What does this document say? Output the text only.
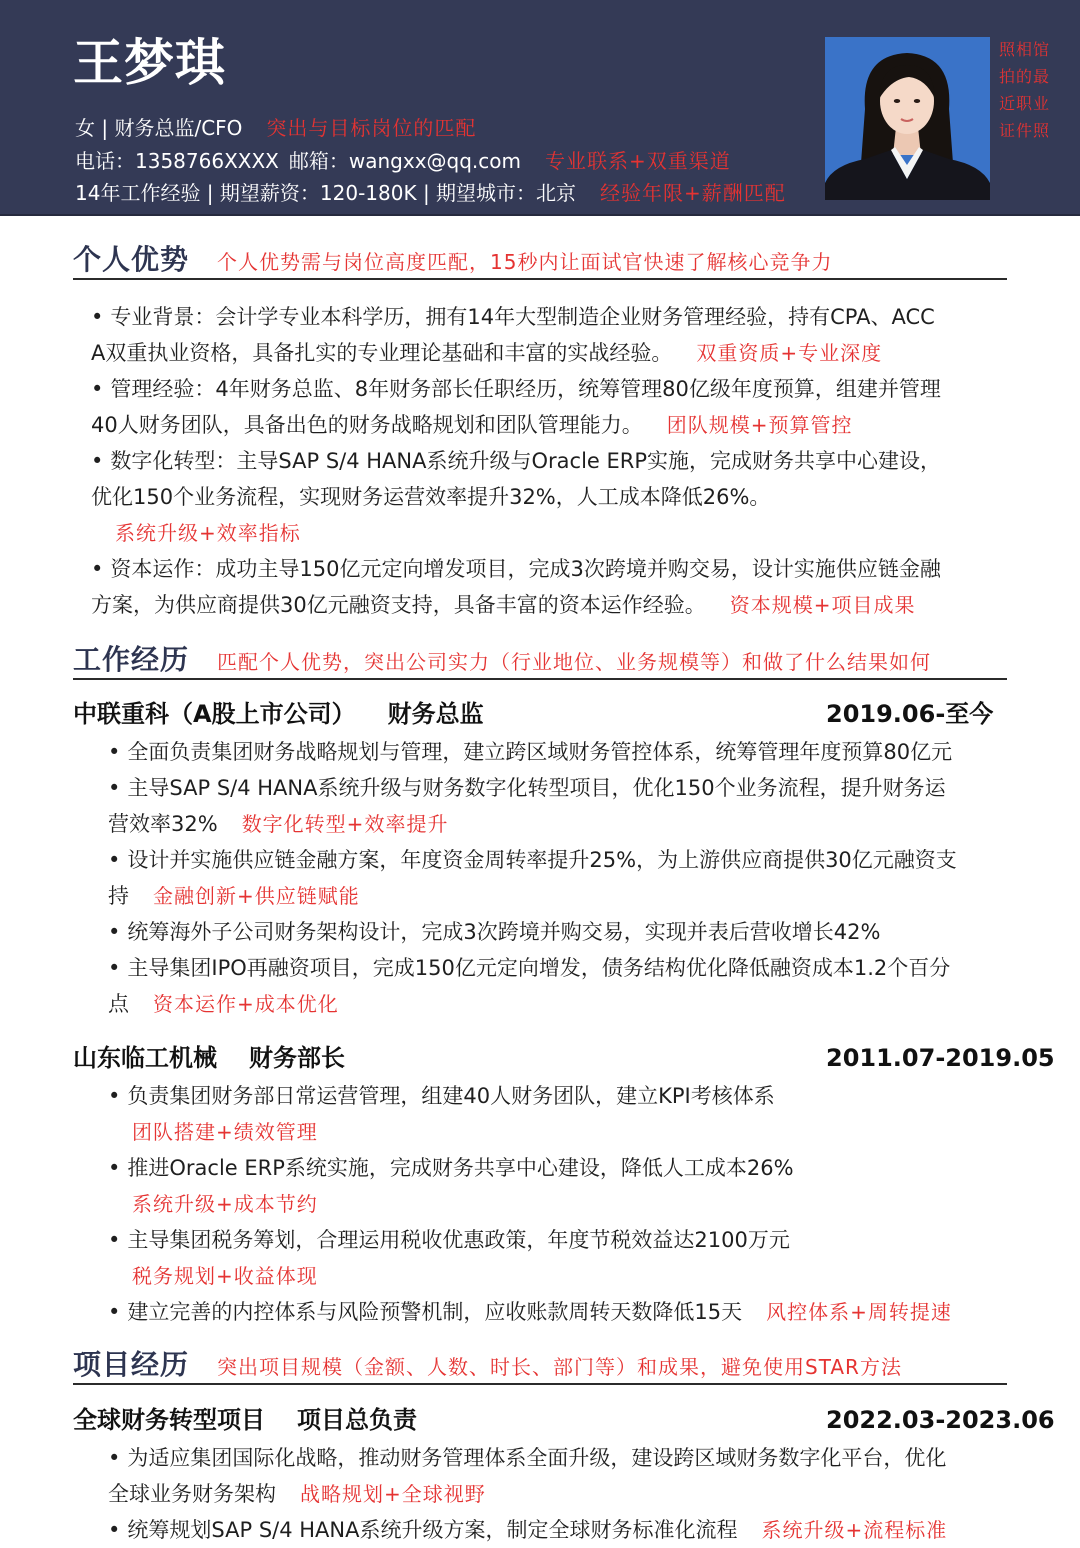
王梦琪
女 | 财务总监/CFO 突出与目标岗位的匹配
电话：1358766XXXX 邮箱：wangxx@qq.com 专业联系+双重渠道
14年工作经验 | 期望薪资：120-180K | 期望城市：北京 经验年限+薪酬匹配
照相馆
拍的最
近职业
证件照
个人优势 个人优势需与岗位高度匹配，15秒内让面试官快速了解核心竞争力
• 专业背景：会计学专业本科学历，拥有14年大型制造企业财务管理经验，持有CPA、ACCA双重执业资格，具备扎实的专业理论基础和丰富的实战经验。 双重资质+专业深度
• 管理经验：4年财务总监、8年财务部长任职经历，统筹管理80亿级年度预算，组建并管理40人财务团队，具备出色的财务战略规划和团队管理能力。 团队规模+预算管控
• 数字化转型：主导SAP S/4 HANA系统升级与Oracle ERP实施，完成财务共享中心建设，优化150个业务流程，实现财务运营效率提升32%，人工成本降低26%。系统升级+效率指标
• 资本运作：成功主导150亿元定向增发项目，完成3次跨境并购交易，设计实施供应链金融方案，为供应商提供30亿元融资支持，具备丰富的资本运作经验。 资本规模+项目成果
工作经历 匹配个人优势，突出公司实力（行业地位、业务规模等）和做了什么结果如何
中联重科（A股上市公司） 财务总监	2019.06-至今
• 全面负责集团财务战略规划与管理，建立跨区域财务管控体系，统筹管理年度预算80亿元
• 主导SAP S/4 HANA系统升级与财务数字化转型项目，优化150个业务流程，提升财务运营效率32% 数字化转型+效率提升
• 设计并实施供应链金融方案，年度资金周转率提升25%，为上游供应商提供30亿元融资支持 金融创新+供应链赋能
• 统筹海外子公司财务架构设计，完成3次跨境并购交易，实现并表后营收增长42%
• 主导集团IPO再融资项目，完成150亿元定向增发，债务结构优化降低融资成本1.2个百分点 资本运作+成本优化
山东临工机械 财务部长	2011.07-2019.05
• 负责集团财务部日常运营管理，组建40人财务团队，建立KPI考核体系团队搭建+绩效管理
• 推进Oracle ERP系统实施，完成财务共享中心建设，降低人工成本26%系统升级+成本节约
• 主导集团税务筹划，合理运用税收优惠政策，年度节税效益达2100万元税务规划+收益体现
• 建立完善的内控体系与风险预警机制，应收账款周转天数降低15天 风控体系+周转提速
项目经历 突出项目规模（金额、人数、时长、部门等）和成果，避免使用STAR方法
全球财务转型项目 项目总负责	2022.03-2023.06
• 为适应集团国际化战略，推动财务管理体系全面升级，建设跨区域财务数字化平台，优化全球业务财务架构 战略规划+全球视野
• 统筹规划SAP S/4 HANA系统升级方案，制定全球财务标准化流程 系统升级+流程标准
